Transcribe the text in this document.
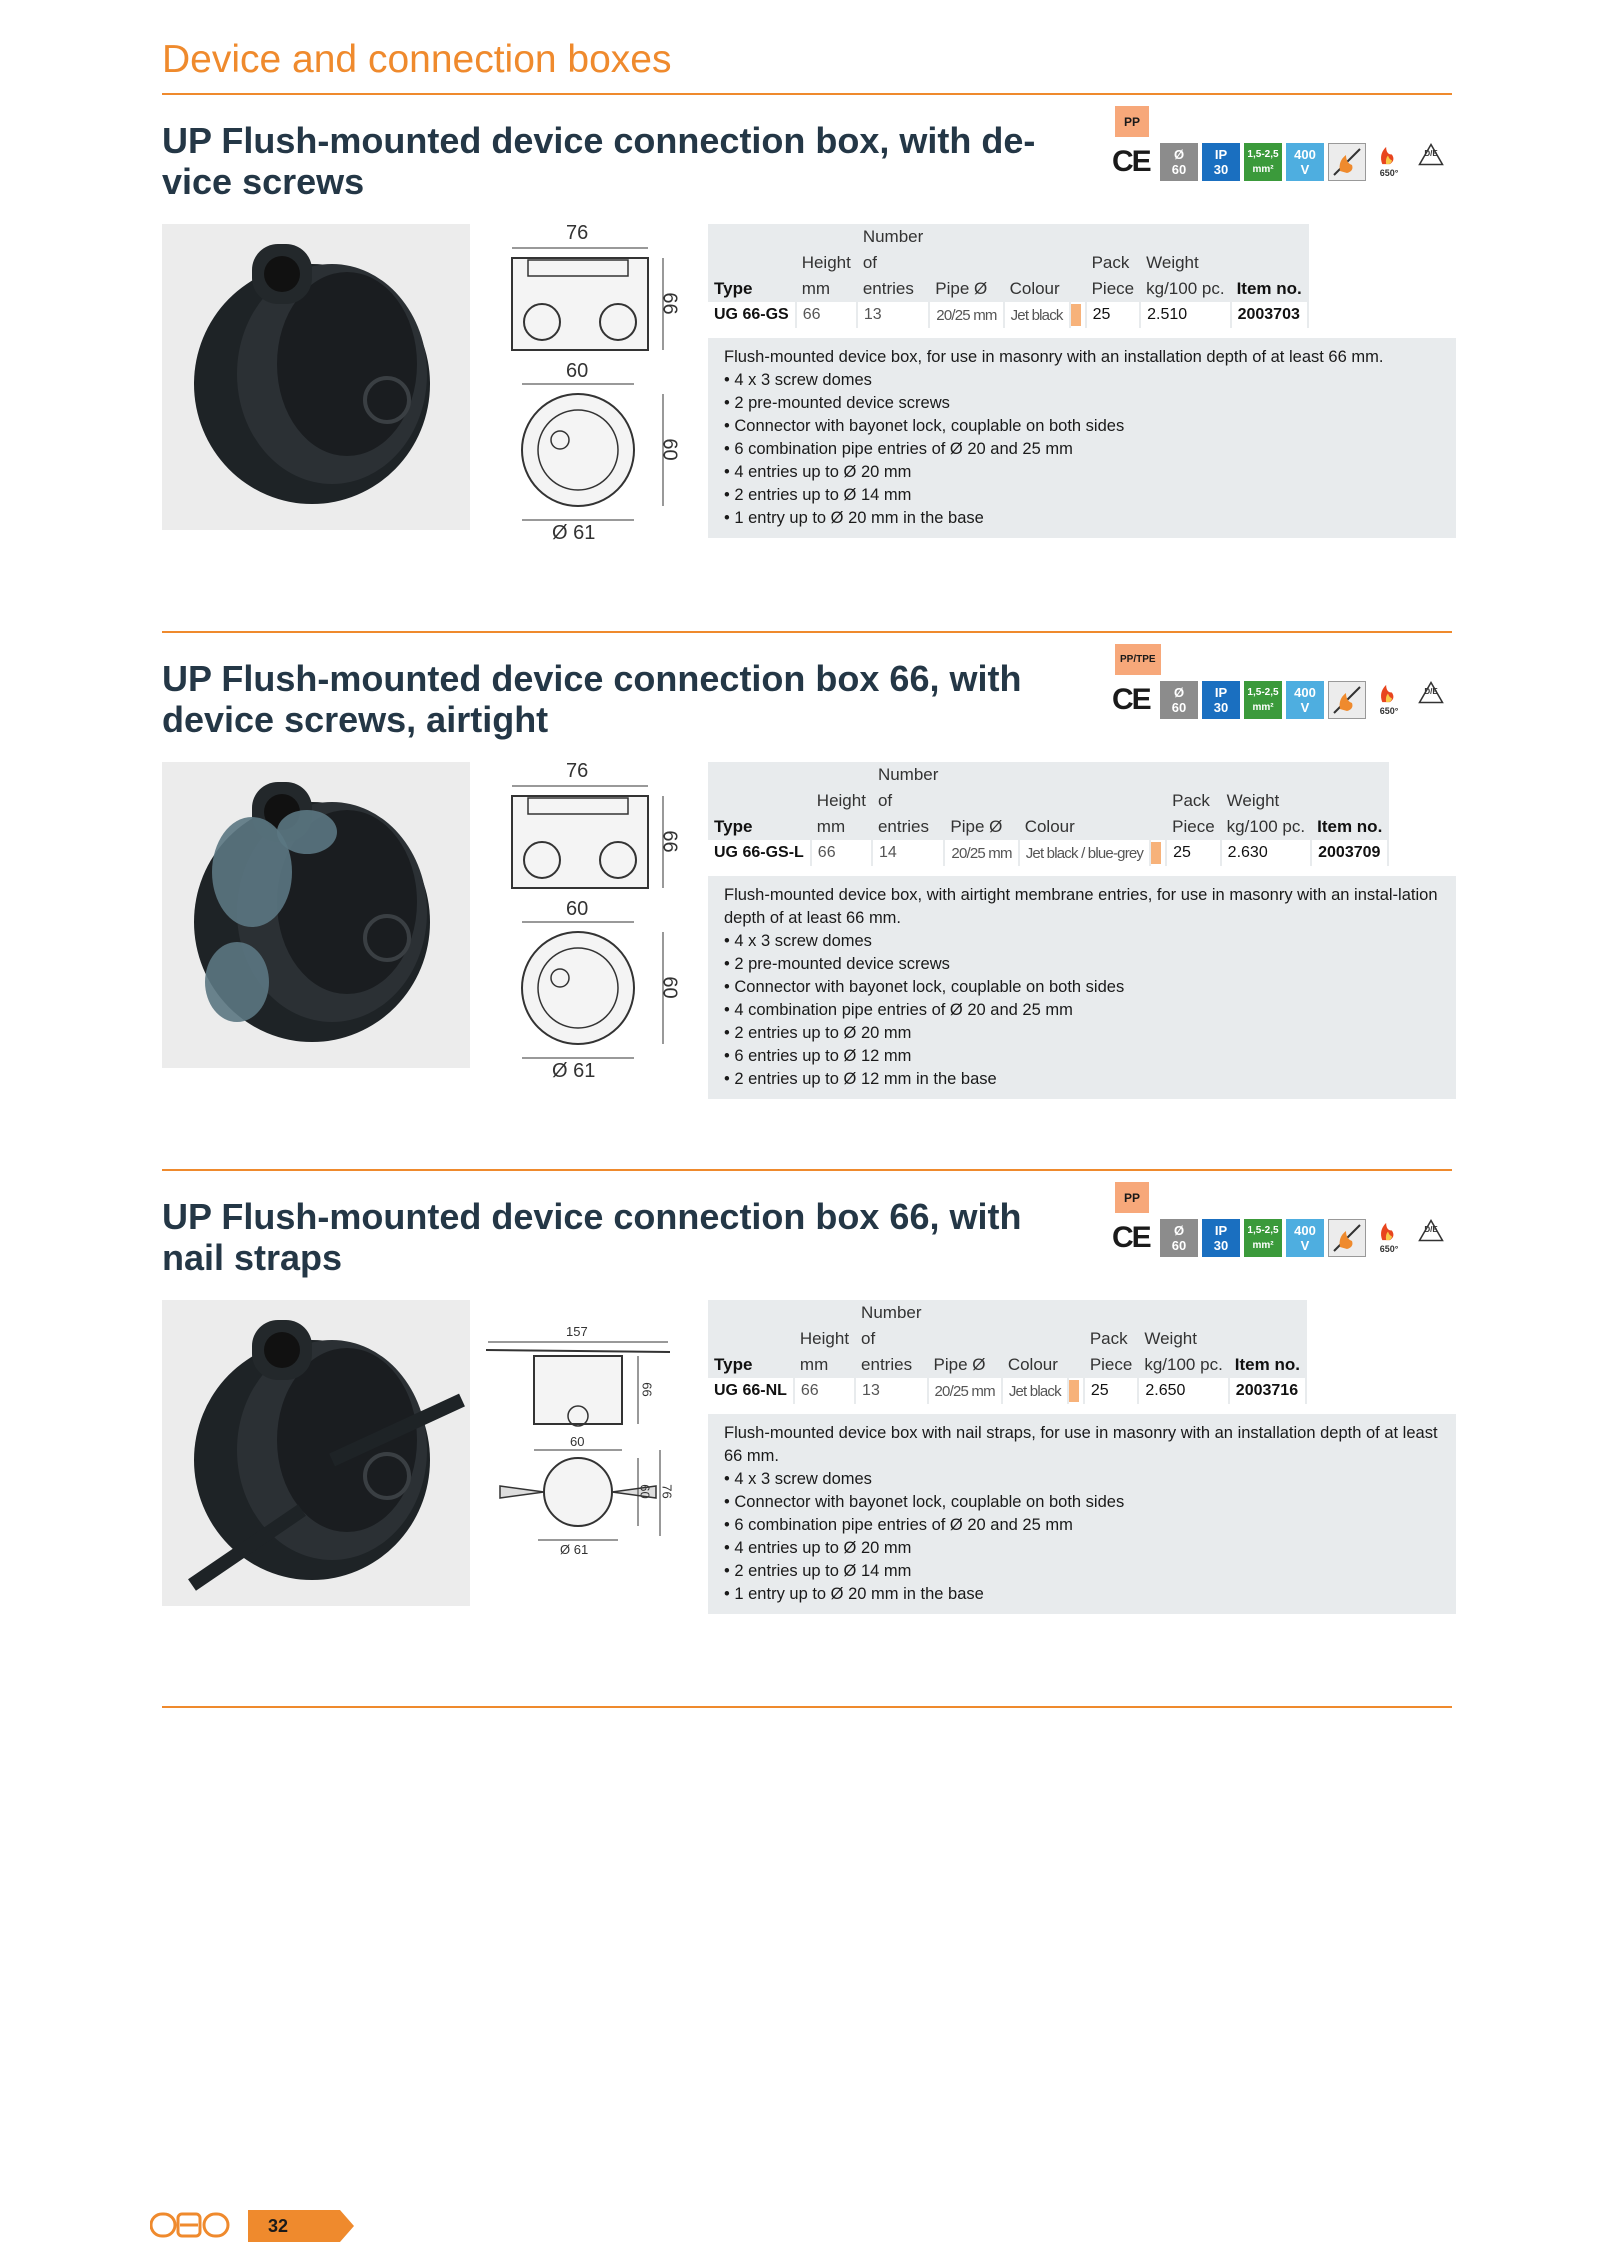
Device and connection boxes
UP Flush-mounted device connection box, with de-
vice screws
PP
CE	Ø
60
IP
30
1,5-2,5
mm²
400
V	650°
D/E
76
66
60
60
Ø 61
		Number						
	Height	of				Pack	Weight	
Type	mm	entries	Pipe Ø	Colour		Piece	kg/100 pc.	Item no.
UG 66-GS	66	13	20/25 mm	Jet black		25	2.510	2003703
Flush-mounted device box, for use in masonry with an installation depth of at least 66 mm.
• 4 x 3 screw domes
• 2 pre-mounted device screws
• Connector with bayonet lock, couplable on both sides
• 6 combination pipe entries of Ø 20 and 25 mm
• 4 entries up to Ø 20 mm
• 2 entries up to Ø 14 mm
• 1 entry up to Ø 20 mm in the base
UP Flush-mounted device connection box 66, with
device screws, airtight
PP/TPE
CE	Ø
60
IP
30
1,5-2,5
mm²
400
V	650°
D/E
76
66
60
60
Ø 61
		Number						
	Height	of				Pack	Weight	
Type	mm	entries	Pipe Ø	Colour		Piece	kg/100 pc.	Item no.
UG 66-GS-L	66	14	20/25 mm	Jet black / blue-grey		25	2.630	2003709
Flush-mounted device box, with airtight membrane entries, for use in masonry with an instal-lation depth of at least 66 mm.
• 4 x 3 screw domes
• 2 pre-mounted device screws
• Connector with bayonet lock, couplable on both sides
• 4 combination pipe entries of Ø 20 and 25 mm
• 2 entries up to Ø 20 mm
• 6 entries up to Ø 12 mm
• 2 entries up to Ø 12 mm in the base
UP Flush-mounted device connection box 66, with
nail straps
PP
CE	Ø
60
IP
30
1,5-2,5
mm²
400
V	650°
D/E
157
66
60
60 76
Ø 61
		Number						
	Height	of				Pack	Weight	
Type	mm	entries	Pipe Ø	Colour		Piece	kg/100 pc.	Item no.
UG 66-NL	66	13	20/25 mm	Jet black		25	2.650	2003716
Flush-mounted device box with nail straps, for use in masonry with an installation depth of at least 66 mm.
• 4 x 3 screw domes
• Connector with bayonet lock, couplable on both sides
• 6 combination pipe entries of Ø 20 and 25 mm
• 4 entries up to Ø 20 mm
• 2 entries up to Ø 14 mm
• 1 entry up to Ø 20 mm in the base
32
